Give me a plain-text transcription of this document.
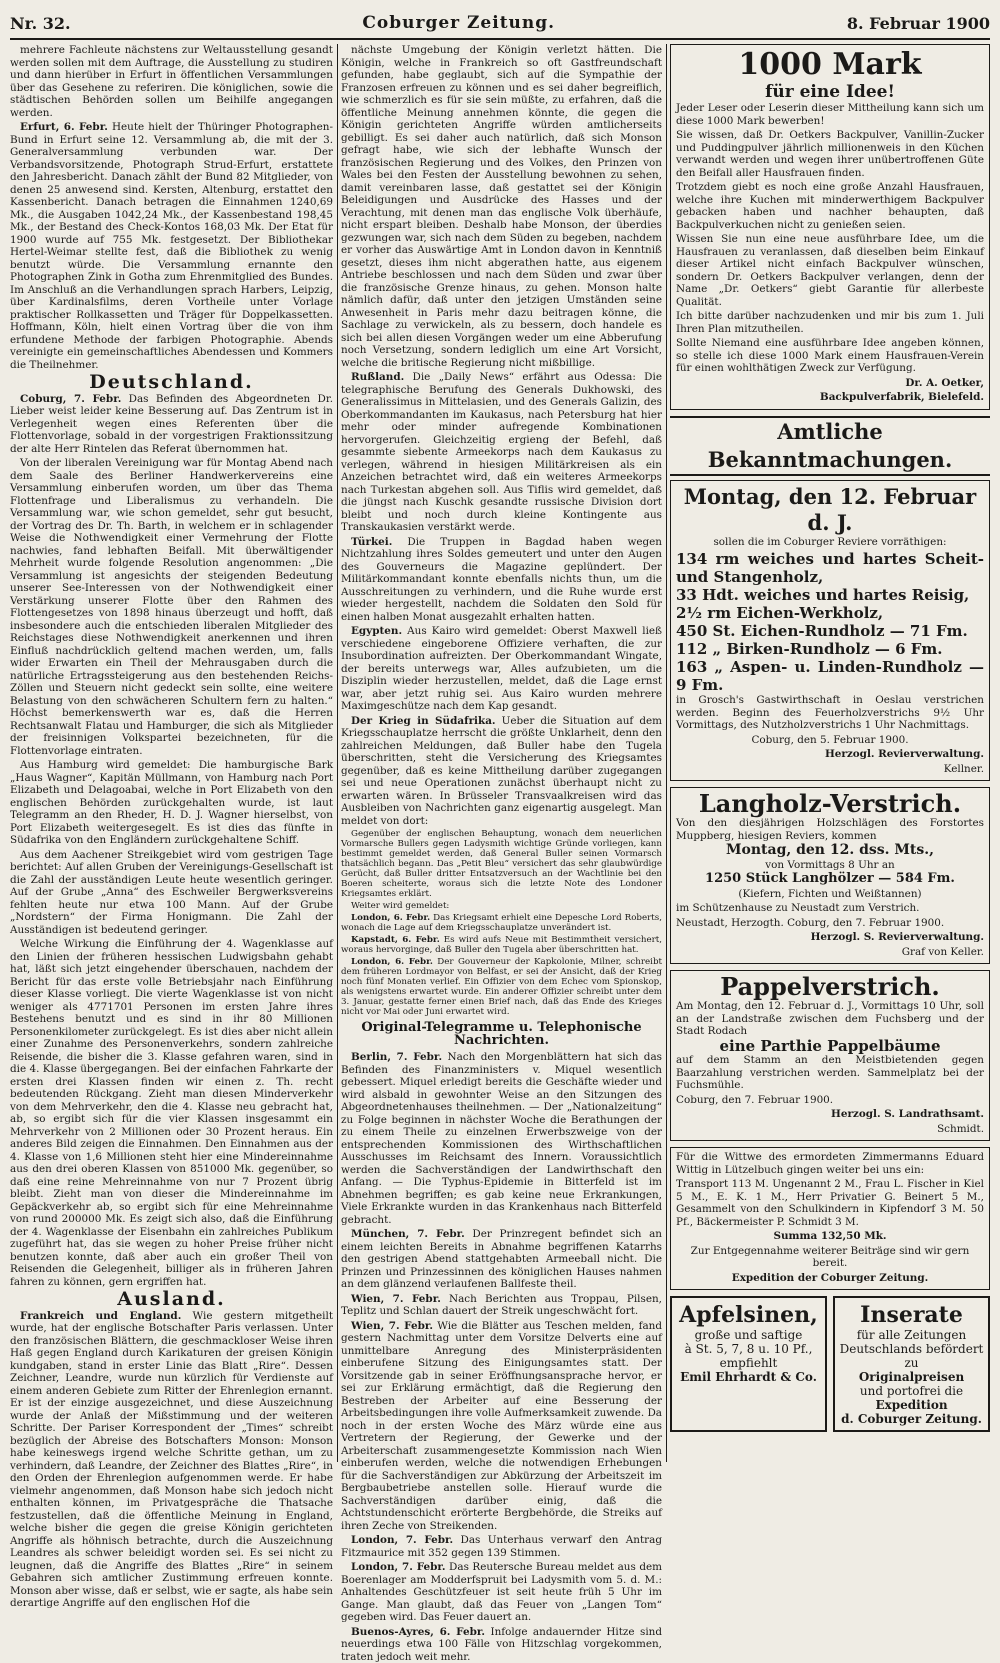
Nr. 32.	Coburger Zeitung.	8. Februar 1900

mehrere Fachleute nächstens zur Weltausstellung gesandt werden sollen mit dem Auftrage, die Ausstellung zu studiren und dann hierüber in Erfurt in öffentlichen Versammlungen über das Gesehene zu referiren. Die königlichen, sowie die städtischen Behörden sollen um Beihilfe angegangen werden.

Erfurt, 6. Febr. Heute hielt der Thüringer Photographen-Bund in Erfurt seine 12. Versammlung ab, die mit der 3. Generalversammlung verbunden war. Der Verbandsvorsitzende, Photograph Strud-Erfurt, erstattete den Jahresbericht. Danach zählt der Bund 82 Mitglieder, von denen 25 anwesend sind. Kersten, Altenburg, erstattet den Kassenbericht. Danach betragen die Einnahmen 1240,69 Mk., die Ausgaben 1042,24 Mk., der Kassenbestand 198,45 Mk., der Bestand des Check-Kontos 168,03 Mk. Der Etat für 1900 wurde auf 755 Mk. festgesetzt. Der Bibliothekar Hertel-Weimar stellte fest, daß die Bibliothek zu wenig benutzt würde. Die Versammlung ernannte den Photographen Zink in Gotha zum Ehrenmitglied des Bundes. Im Anschluß an die Verhandlungen sprach Harbers, Leipzig, über Kardinalsfilms, deren Vortheile unter Vorlage praktischer Rollkassetten und Träger für Doppelkassetten. Hoffmann, Köln, hielt einen Vortrag über die von ihm erfundene Methode der farbigen Photographie. Abends vereinigte ein gemeinschaftliches Abendessen und Kommers die Theilnehmer.

Deutschland.

Coburg, 7. Febr. Das Befinden des Abgeordneten Dr. Lieber weist leider keine Besserung auf. Das Zentrum ist in Verlegenheit wegen eines Referenten über die Flottenvorlage, sobald in der vorgestrigen Fraktionssitzung der alte Herr Rintelen das Referat übernommen hat.

Von der liberalen Vereinigung war für Montag Abend nach dem Saale des Berliner Handwerkervereins eine Versammlung einberufen worden, um über das Thema Flottenfrage und Liberalismus zu verhandeln. Die Versammlung war, wie schon gemeldet, sehr gut besucht, der Vortrag des Dr. Th. Barth, in welchem er in schlagender Weise die Nothwendigkeit einer Vermehrung der Flotte nachwies, fand lebhaften Beifall. Mit überwältigender Mehrheit wurde folgende Resolution angenommen: „Die Versammlung ist angesichts der steigenden Bedeutung unserer See-Interessen von der Nothwendigkeit einer Verstärkung unserer Flotte über den Rahmen des Flottengesetzes von 1898 hinaus überzeugt und hofft, daß insbesondere auch die entschieden liberalen Mitglieder des Reichstages diese Nothwendigkeit anerkennen und ihren Einfluß nachdrücklich geltend machen werden, um, falls wider Erwarten ein Theil der Mehrausgaben durch die natürliche Ertragssteigerung aus den bestehenden Reichs-Zöllen und Steuern nicht gedeckt sein sollte, eine weitere Belastung von den schwächeren Schultern fern zu halten.“ Höchst bemerkenswerth war es, daß die Herren Rechtsanwalt Flatau und Hamburger, die sich als Mitglieder der freisinnigen Volkspartei bezeichneten, für die Flottenvorlage eintraten.

Aus Hamburg wird gemeldet: Die hamburgische Bark „Haus Wagner“, Kapitän Müllmann, von Hamburg nach Port Elizabeth und Delagoabai, welche in Port Elizabeth von den englischen Behörden zurückgehalten wurde, ist laut Telegramm an den Rheder, H. D. J. Wagner hierselbst, von Port Elizabeth weitergesegelt. Es ist dies das fünfte in Südafrika von den Engländern zurückgehaltene Schiff.

Aus dem Aachener Streikgebiet wird vom gestrigen Tage berichtet: Auf allen Gruben der Vereinigungs-Gesellschaft ist die Zahl der ausständigen Leute heute wesentlich geringer. Auf der Grube „Anna“ des Eschweiler Bergwerksvereins fehlten heute nur etwa 100 Mann. Auf der Grube „Nordstern“ der Firma Honigmann. Die Zahl der Ausständigen ist bedeutend geringer.

Welche Wirkung die Einführung der 4. Wagenklasse auf den Linien der früheren hessischen Ludwigsbahn gehabt hat, läßt sich jetzt eingehender überschauen, nachdem der Bericht für das erste volle Betriebsjahr nach Einführung dieser Klasse vorliegt. Die vierte Wagenklasse ist von nicht weniger als 4771701 Personen im ersten Jahre ihres Bestehens benutzt und es sind in ihr 80 Millionen Personenkilometer zurückgelegt. Es ist dies aber nicht allein einer Zunahme des Personenverkehrs, sondern zahlreiche Reisende, die bisher die 3. Klasse gefahren waren, sind in die 4. Klasse übergegangen. Bei der einfachen Fahrkarte der ersten drei Klassen finden wir einen z. Th. recht bedeutenden Rückgang. Zieht man diesen Minderverkehr von dem Mehrverkehr, den die 4. Klasse neu gebracht hat, ab, so ergibt sich für die vier Klassen insgesammt ein Mehrverkehr von 2 Millionen oder 30 Prozent heraus. Ein anderes Bild zeigen die Einnahmen. Den Einnahmen aus der 4. Klasse von 1,6 Millionen steht hier eine Mindereinnahme aus den drei oberen Klassen von 851000 Mk. gegenüber, so daß eine reine Mehreinnahme von nur 7 Prozent übrig bleibt. Zieht man von dieser die Mindereinnahme im Gepäckverkehr ab, so ergibt sich für eine Mehreinnahme von rund 200000 Mk. Es zeigt sich also, daß die Einführung der 4. Wagenklasse der Eisenbahn ein zahlreiches Publikum zugeführt hat, das sie wegen zu hoher Preise früher nicht benutzen konnte, daß aber auch ein großer Theil von Reisenden die Gelegenheit, billiger als in früheren Jahren fahren zu können, gern ergriffen hat.

Ausland.

Frankreich und England. Wie gestern mitgetheilt wurde, hat der englische Botschafter Paris verlassen. Unter den französischen Blättern, die geschmackloser Weise ihren Haß gegen England durch Karikaturen der greisen Königin kundgaben, stand in erster Linie das Blatt „Rire“. Dessen Zeichner, Leandre, wurde nun kürzlich für Verdienste auf einem anderen Gebiete zum Ritter der Ehrenlegion ernannt. Er ist der einzige ausgezeichnet, und diese Auszeichnung wurde der Anlaß der Mißstimmung und der weiteren Schritte. Der Pariser Korrespondent der „Times“ schreibt bezüglich der Abreise des Botschafters Monson: Monson habe keineswegs irgend welche Schritte gethan, um zu verhindern, daß Leandre, der Zeichner des Blattes „Rire“, in den Orden der Ehrenlegion aufgenommen werde. Er habe vielmehr angenommen, daß Monson habe sich jedoch nicht enthalten können, im Privatgespräche die Thatsache festzustellen, daß die öffentliche Meinung in England, welche bisher die gegen die greise Königin gerichteten Angriffe als höhnisch betrachte, durch die Auszeichnung Leandres als schwer beleidigt worden sei. Es sei nicht zu leugnen, daß die Angriffe des Blattes „Rire“ in seinem Gebahren sich amtlicher Zustimmung erfreuen konnte. Monson aber wisse, daß er selbst, wie er sagte, als habe sein derartige Angriffe auf den englischen Hof die

nächste Umgebung der Königin verletzt hätten. Die Königin, welche in Frankreich so oft Gastfreundschaft gefunden, habe geglaubt, sich auf die Sympathie der Franzosen erfreuen zu können und es sei daher begreiflich, wie schmerzlich es für sie sein müßte, zu erfahren, daß die öffentliche Meinung annehmen könnte, die gegen die Königin gerichteten Angriffe würden amtlicherseits gebilligt. Es sei daher auch natürlich, daß sich Monson gefragt habe, wie sich der lebhafte Wunsch der französischen Regierung und des Volkes, den Prinzen von Wales bei den Festen der Ausstellung bewohnen zu sehen, damit vereinbaren lasse, daß gestattet sei der Königin Beleidigungen und Ausdrücke des Hasses und der Verachtung, mit denen man das englische Volk überhäufe, nicht erspart bleiben. Deshalb habe Monson, der überdies gezwungen war, sich nach dem Süden zu begeben, nachdem er vorher das Auswärtige Amt in London davon in Kenntniß gesetzt, dieses ihm nicht abgerathen hatte, aus eigenem Antriebe beschlossen und nach dem Süden und zwar über die französische Grenze hinaus, zu gehen. Monson halte nämlich dafür, daß unter den jetzigen Umständen seine Anwesenheit in Paris mehr dazu beitragen könne, die Sachlage zu verwickeln, als zu bessern, doch handele es sich bei allen diesen Vorgängen weder um eine Abberufung noch Versetzung, sondern lediglich um eine Art Vorsicht, welche die britische Regierung nicht mißbillige.

Rußland. Die „Daily News“ erfährt aus Odessa: Die telegraphische Berufung des Generals Dukhowski, des Generalissimus in Mittelasien, und des Generals Galizin, des Oberkommandanten im Kaukasus, nach Petersburg hat hier mehr oder minder aufregende Kombinationen hervorgerufen. Gleichzeitig ergieng der Befehl, daß gesammte siebente Armeekorps nach dem Kaukasus zu verlegen, während in hiesigen Militärkreisen als ein Anzeichen betrachtet wird, daß ein weiteres Armeekorps nach Turkestan abgehen soll. Aus Tiflis wird gemeldet, daß die jüngst nach Kuschk gesandte russische Division dort bleibt und noch durch kleine Kontingente aus Transkaukasien verstärkt werde.

Türkei. Die Truppen in Bagdad haben wegen Nichtzahlung ihres Soldes gemeutert und unter den Augen des Gouverneurs die Magazine geplündert. Der Militärkommandant konnte ebenfalls nichts thun, um die Ausschreitungen zu verhindern, und die Ruhe wurde erst wieder hergestellt, nachdem die Soldaten den Sold für einen halben Monat ausgezahlt erhalten hatten.

Egypten. Aus Kairo wird gemeldet: Oberst Maxwell ließ verschiedene eingeborene Offiziere verhaften, die zur Insubordination aufreizten. Der Oberkommandant Wingate, der bereits unterwegs war, Alles aufzubieten, um die Disziplin wieder herzustellen, meldet, daß die Lage ernst war, aber jetzt ruhig sei. Aus Kairo wurden mehrere Maximgeschütze nach dem Kap gesandt.

Der Krieg in Südafrika. Ueber die Situation auf dem Kriegsschauplatze herrscht die größte Unklarheit, denn den zahlreichen Meldungen, daß Buller habe den Tugela überschritten, steht die Versicherung des Kriegsamtes gegenüber, daß es keine Mittheilung darüber zugegangen sei und neue Operationen zunächst überhaupt nicht zu erwarten wären. In Brüsseler Transvaalkreisen wird das Ausbleiben von Nachrichten ganz eigenartig ausgelegt. Man meldet von dort:

Gegenüber der englischen Behauptung, wonach dem neuerlichen Vormarsche Bullers gegen Ladysmith wichtige Gründe vorliegen, kann bestimmt gemeldet werden, daß General Buller seinen Vormarsch thatsächlich begann. Das „Petit Bleu“ versichert das sehr glaubwürdige Gerücht, daß Buller dritter Entsatzversuch an der Wachtlinie bei den Boeren scheiterte, woraus sich die letzte Note des Londoner Kriegsamtes erklärt.

Weiter wird gemeldet:

London, 6. Febr. Das Kriegsamt erhielt eine Depesche Lord Roberts, wonach die Lage auf dem Kriegsschauplatze unverändert ist.

Kapstadt, 6. Febr. Es wird aufs Neue mit Bestimmtheit versichert, woraus hervorginge, daß Buller den Tugela aber überschritten hat.

London, 6. Febr. Der Gouverneur der Kapkolonie, Milner, schreibt dem früheren Lordmayor von Belfast, er sei der Ansicht, daß der Krieg noch fünf Monaten verlief. Ein Offizier von dem Echec vom Spionskop, als wenigstens erwartet wurde. Ein anderer Offizier schreibt unter dem 3. Januar, gestatte ferner einen Brief nach, daß das Ende des Krieges nicht vor Mai oder Juni erwartet wird.

Original-Telegramme u. Telephonische Nachrichten.

Berlin, 7. Febr. Nach den Morgenblättern hat sich das Befinden des Finanzministers v. Miquel wesentlich gebessert. Miquel erledigt bereits die Geschäfte wieder und wird alsbald in gewohnter Weise an den Sitzungen des Abgeordnetenhauses theilnehmen. — Der „Nationalzeitung“ zu Folge beginnen in nächster Woche die Berathungen der zu einem Theile zu einzelnen Erwerbszweige von der entsprechenden Kommissionen des Wirthschaftlichen Ausschusses im Reichsamt des Innern. Voraussichtlich werden die Sachverständigen der Landwirthschaft den Anfang. — Die Typhus-Epidemie in Bitterfeld ist im Abnehmen begriffen; es gab keine neue Erkrankungen, Viele Erkrankte wurden in das Krankenhaus nach Bitterfeld gebracht.

München, 7. Febr. Der Prinzregent befindet sich an einem leichten Bereits in Abnahme begriffenen Katarrhs den gestrigen Abend stattgehabten Armeeball nicht. Die Prinzen und Prinzessinnen des königlichen Hauses nahmen an dem glänzend verlaufenen Ballfeste theil.

Wien, 7. Febr. Nach Berichten aus Troppau, Pilsen, Teplitz und Schlan dauert der Streik ungeschwächt fort.

Wien, 7. Febr. Wie die Blätter aus Teschen melden, fand gestern Nachmittag unter dem Vorsitze Delverts eine auf unmittelbare Anregung des Ministerpräsidenten einberufene Sitzung des Einigungsamtes statt. Der Vorsitzende gab in seiner Eröffnungsansprache hervor, er sei zur Erklärung ermächtigt, daß die Regierung den Bestreben der Arbeiter auf eine Besserung der Arbeitsbedingungen ihre volle Aufmerksamkeit zuwende. Da noch in der ersten Woche des März würde eine aus Vertretern der Regierung, der Gewerke und der Arbeiterschaft zusammengesetzte Kommission nach Wien einberufen werden, welche die notwendigen Erhebungen für die Sachverständigen zur Abkürzung der Arbeitszeit im Bergbaubetriebe anstellen solle. Hierauf wurde die Sachverständigen darüber einig, daß die Achtstundenschicht erörterte Bergbehörde, die Streiks auf ihren Zeche von Streikenden.

London, 7. Febr. Das Unterhaus verwarf den Antrag Fitzmaurice mit 352 gegen 139 Stimmen.

London, 7. Febr. Das Reutersche Bureau meldet aus dem Boerenlager am Modderfspruit bei Ladysmith vom 5. d. M.: Anhaltendes Geschützfeuer ist seit heute früh 5 Uhr im Gange. Man glaubt, daß das Feuer von „Langen Tom“ gegeben wird. Das Feuer dauert an.

Buenos-Ayres, 6. Febr. Infolge andauernder Hitze sind neuerdings etwa 100 Fälle von Hitzschlag vorgekommen, traten jedoch weit mehr.

1000 Mark
für eine Idee!

Jeder Leser oder Leserin dieser Mittheilung kann sich um diese 1000 Mark bewerben!

Sie wissen, daß Dr. Oetkers Backpulver, Vanillin-Zucker und Puddingpulver jährlich millionenweis in den Küchen verwandt werden und wegen ihrer unübertroffenen Güte den Beifall aller Hausfrauen finden.

Trotzdem giebt es noch eine große Anzahl Hausfrauen, welche ihre Kuchen mit minderwerthigem Backpulver gebacken haben und nachher behaupten, daß Backpulverkuchen nicht zu genießen seien.

Wissen Sie nun eine neue ausführbare Idee, um die Hausfrauen zu veranlassen, daß dieselben beim Einkauf dieser Artikel nicht einfach Backpulver wünschen, sondern Dr. Oetkers Backpulver verlangen, denn der Name „Dr. Oetkers“ giebt Garantie für allerbeste Qualität.

Ich bitte darüber nachzudenken und mir bis zum 1. Juli Ihren Plan mitzutheilen.

Sollte Niemand eine ausführbare Idee angeben können, so stelle ich diese 1000 Mark einem Hausfrauen-Verein für einen wohlthätigen Zweck zur Verfügung.

Dr. A. Oetker,

Backpulverfabrik, Bielefeld.

Amtliche Bekanntmachungen.
Montag, den 12. Februar d. J.

sollen die im Coburger Reviere vorräthigen:

134 rm weiches und hartes Scheit- und Stangenholz,
33 Hdt. weiches und hartes Reisig,
2½ rm Eichen-Werkholz,
450 St. Eichen-Rundholz — 71 Fm.
112 „ Birken-Rundholz — 6 Fm.
163 „ Aspen- u. Linden-Rundholz — 9 Fm.

in Grosch's Gastwirthschaft in Oeslau verstrichen werden. Beginn des Feuerholzverstrichs 9½ Uhr Vormittags, des Nutzholzverstrichs 1 Uhr Nachmittags.

Coburg, den 5. Februar 1900.

Herzogl. Revierverwaltung.

Kellner.

Langholz-Verstrich.

Von den diesjährigen Holzschlägen des Forstortes Muppberg, hiesigen Reviers, kommen

Montag, den 12. dss. Mts.,

von Vormittags 8 Uhr an

1250 Stück Langhölzer — 584 Fm.

(Kiefern, Fichten und Weißtannen)

im Schützenhause zu Neustadt zum Verstrich.

Neustadt, Herzogth. Coburg, den 7. Februar 1900.

Herzogl. S. Revierverwaltung.

Graf von Keller.

Pappelverstrich.

Am Montag, den 12. Februar d. J., Vormittags 10 Uhr, soll an der Landstraße zwischen dem Fuchsberg und der Stadt Rodach

eine Parthie Pappelbäume

auf dem Stamm an den Meistbietenden gegen Baarzahlung verstrichen werden. Sammelplatz bei der Fuchsmühle.

Coburg, den 7. Februar 1900.

Herzogl. S. Landrathsamt.

Schmidt.

Für die Wittwe des ermordeten Zimmermanns Eduard Wittig in Lützelbuch gingen weiter bei uns ein:

Transport 113 M. Ungenannt 2 M., Frau L. Fischer in Kiel 5 M., E. K. 1 M., Herr Privatier G. Beinert 5 M., Gesammelt von den Schulkindern in Kipfendorf 3 M. 50 Pf., Bäckermeister P. Schmidt 3 M.

Summa 132,50 Mk.

Zur Entgegennahme weiterer Beiträge sind wir gern bereit.

Expedition der Coburger Zeitung.

Apfelsinen,
große und saftige
à St. 5, 7, 8 u. 10 Pf.,
empfiehlt
Emil Ehrhardt & Co.
Inserate
für alle Zeitungen Deutschlands befördert zu
Originalpreisen
und portofrei die
Expedition
d. Coburger Zeitung.
